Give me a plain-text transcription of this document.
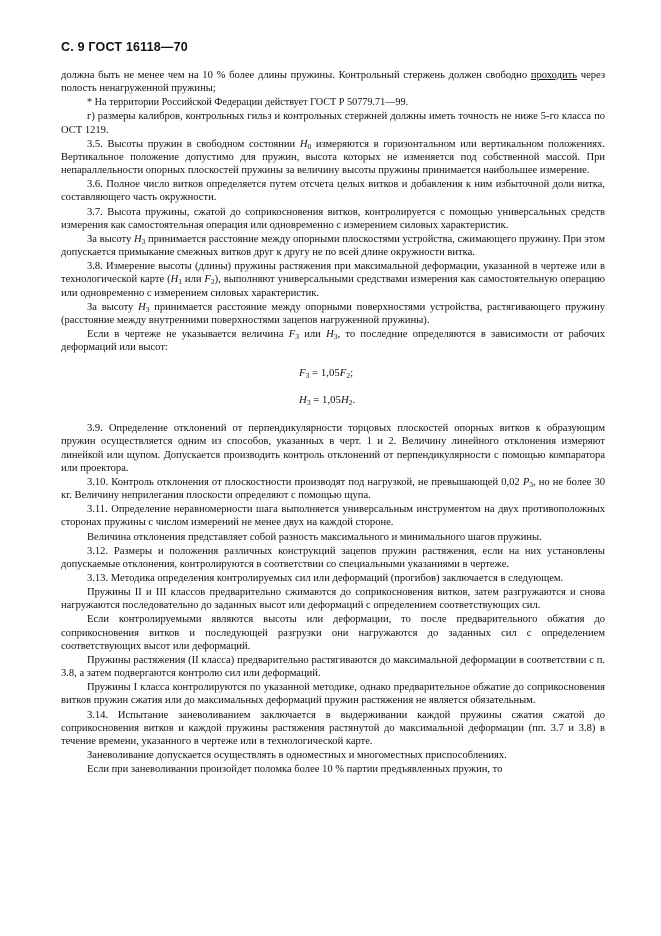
С. 9 ГОСТ 16118—70

должна быть не менее чем на 10 % более длины пружины. Контрольный стержень должен свободно проходить через полость ненагруженной пружины;

* На территории Российской Федерации действует ГОСТ Р 50779.71—99.

г) размеры калибров, контрольных гильз и контрольных стержней должны иметь точность не ниже 5-го класса по ОСТ 1219.

3.5. Высоты пружин в свободном состоянии $H_0$ измеряются в горизонтальном или вертикальном положениях. Вертикальное положение допустимо для пружин, высота которых не изменяется под собственной массой. При непараллельности опорных плоскостей пружины за величину высоты пружины принимается наибольшее измерение.

3.6. Полное число витков определяется путем отсчета целых витков и добавления к ним избыточной доли витка, составляющего часть окружности.

3.7. Высота пружины, сжатой до соприкосновения витков, контролируется с помощью универсальных средств измерения как самостоятельная операция или одновременно с измерением силовых характеристик.

За высоту $H_3$ принимается расстояние между опорными плоскостями устройства, сжимающего пружину. При этом допускается примыкание смежных витков друг к другу не по всей длине окружности витка.

3.8. Измерение высоты (длины) пружины растяжения при максимальной деформации, указанной в чертеже или в технологической карте ($H_1$ или $F_2$), выполняют универсальными средствами измерения как самостоятельную операцию или одновременно с измерением силовых характеристик.

За высоту $H_3$ принимается расстояние между опорными поверхностями устройства, растягивающего пружину (расстояние между внутренними поверхностями зацепов нагруженной пружины).

Если в чертеже не указывается величина $F_3$ или $H_3$, то последние определяются в зависимости от рабочих деформаций или высот:

$F_3 = 1,05F_2$;
$H_3 = 1,05H_2$.

3.9. Определение отклонений от перпендикулярности торцовых плоскостей опорных витков к образующим пружин осуществляется одним из способов, указанных в черт. 1 и 2. Величину линейного отклонения измеряют линейкой или щупом. Допускается производить контроль отклонений от перпендикулярности с помощью компаратора или проектора.

3.10. Контроль отклонения от плоскостности производят под нагрузкой, не превышающей 0,02 $P_3$, но не более 30 кг. Величину неприлегания плоскости определяют с помощью щупа.

3.11. Определение неравномерности шага выполняется универсальным инструментом на двух противоположных сторонах пружины с числом измерений не менее двух на каждой стороне.

Величина отклонения представляет собой разность максимального и минимального шагов пружины.

3.12. Размеры и положения различных конструкций зацепов пружин растяжения, если на них установлены допускаемые отклонения, контролируются в соответствии со специальными указаниями в чертеже.

3.13. Методика определения контролируемых сил или деформаций (прогибов) заключается в следующем.

Пружины II и III классов предварительно сжимаются до соприкосновения витков, затем разгружаются и снова нагружаются последовательно до заданных высот или деформаций с определением соответствующих сил.

Если контролируемыми являются высоты или деформации, то после предварительного обжатия до соприкосновения витков и последующей разгрузки они нагружаются до заданных сил с определением соответствующих высот или деформаций.

Пружины растяжения (II класса) предварительно растягиваются до максимальной деформации в соответствии с п. 3.8, а затем подвергаются контролю сил или деформаций.

Пружины I класса контролируются по указанной методике, однако предварительное обжатие до соприкосновения витков пружин сжатия или до максимальных деформаций пружин растяжения не является обязательным.

3.14. Испытание заневоливанием заключается в выдерживании каждой пружины сжатия сжатой до соприкосновения витков и каждой пружины растяжения растянутой до максимальной деформации (пп. 3.7 и 3.8) в течение времени, указанного в чертеже или в технологической карте.

Заневоливание допускается осуществлять в одноместных и многоместных приспособлениях.

Если при заневоливании произойдет поломка более 10 % партии предъявленных пружин, то
